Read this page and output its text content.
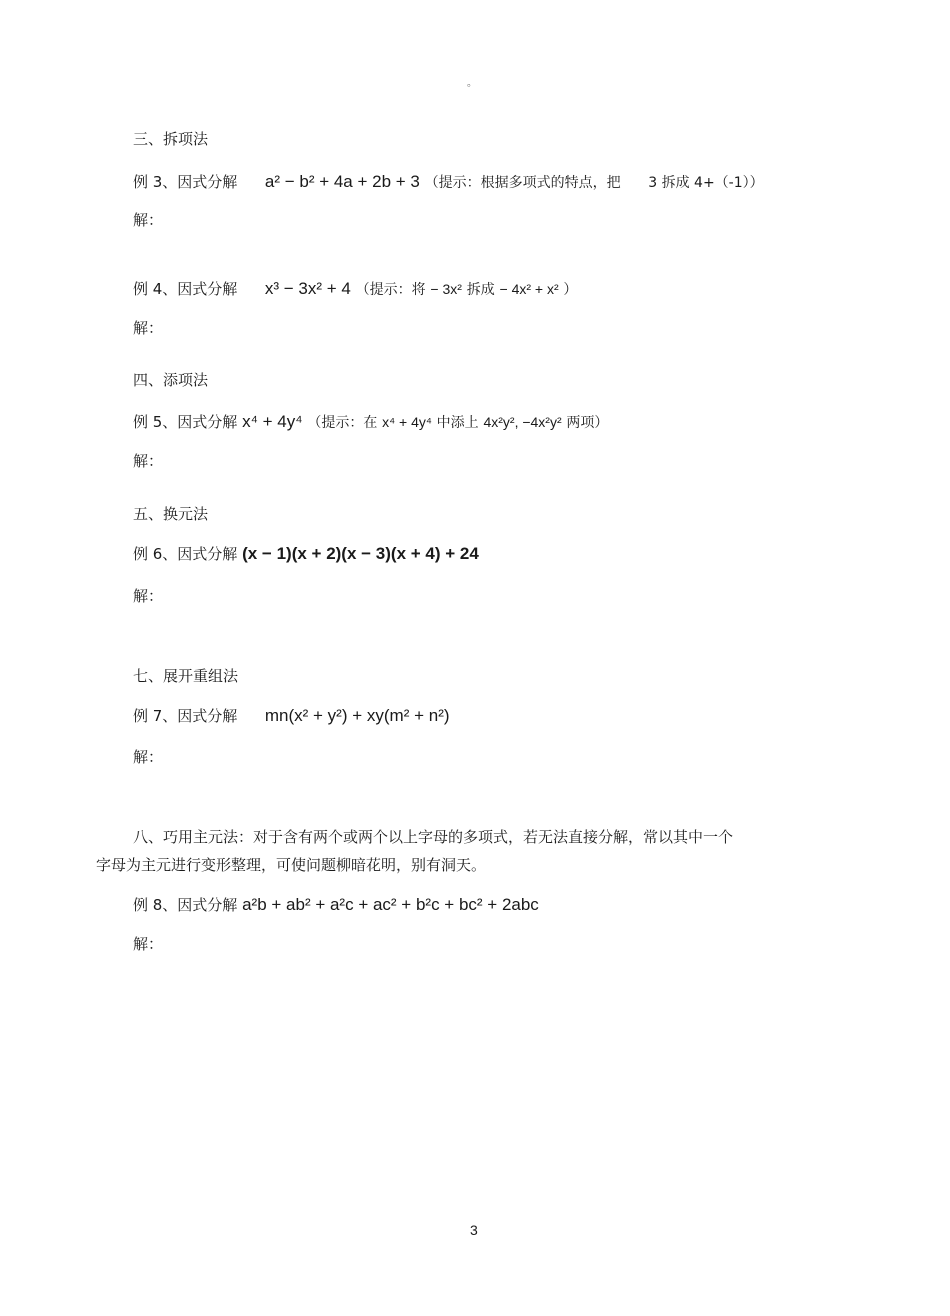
。
三、拆项法
例 3、因式分解 a² − b² + 4a + 2b + 3 （提示：根据多项式的特点，把 3 拆成 4+（-1））
解：
例 4、因式分解 x³ − 3x² + 4 （提示：将 − 3x² 拆成 − 4x² + x² ）
解：
四、添项法
例 5、因式分解 x⁴ + 4y⁴ （提示：在 x⁴ + 4y⁴ 中添上 4x²y², −4x²y² 两项）
解：
五、换元法
例 6、因式分解 (x − 1)(x + 2)(x − 3)(x + 4) + 24
解：
七、展开重组法
例 7、因式分解 mn(x² + y²) + xy(m² + n²)
解：
八、巧用主元法：对于含有两个或两个以上字母的多项式，若无法直接分解，常以其中一个
字母为主元进行变形整理，可使问题柳暗花明，别有洞天。
例 8、因式分解 a²b + ab² + a²c + ac² + b²c + bc² + 2abc
解：
3
